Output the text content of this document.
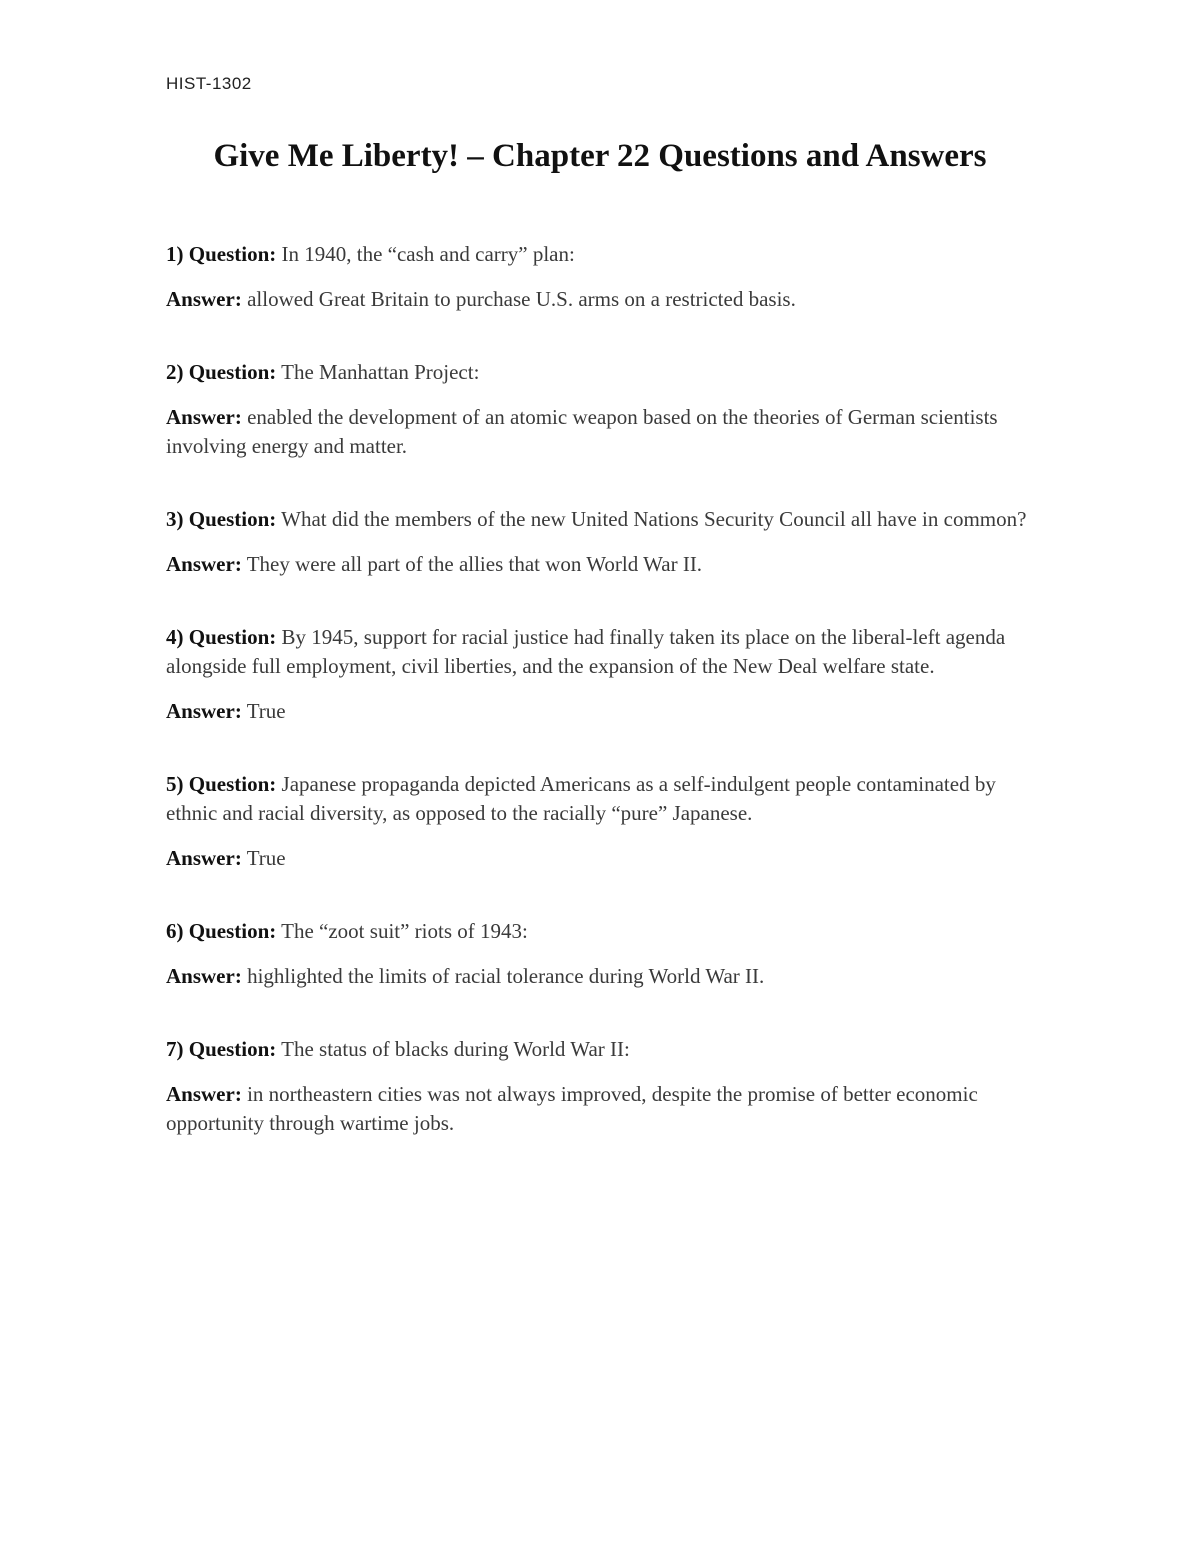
HIST-1302
Give Me Liberty! – Chapter 22 Questions and Answers

1) Question: In 1940, the “cash and carry” plan:

Answer: allowed Great Britain to purchase U.S. arms on a restricted basis.

2) Question: The Manhattan Project:

Answer: enabled the development of an atomic weapon based on the theories of German scientists involving energy and matter.

3) Question: What did the members of the new United Nations Security Council all have in common?

Answer: They were all part of the allies that won World War II.

4) Question: By 1945, support for racial justice had finally taken its place on the liberal-left agenda alongside full employment, civil liberties, and the expansion of the New Deal welfare state.

Answer: True

5) Question: Japanese propaganda depicted Americans as a self-indulgent people contaminated by ethnic and racial diversity, as opposed to the racially “pure” Japanese.

Answer: True

6) Question: The “zoot suit” riots of 1943:

Answer: highlighted the limits of racial tolerance during World War II.

7) Question: The status of blacks during World War II:

Answer: in northeastern cities was not always improved, despite the promise of better economic opportunity through wartime jobs.
